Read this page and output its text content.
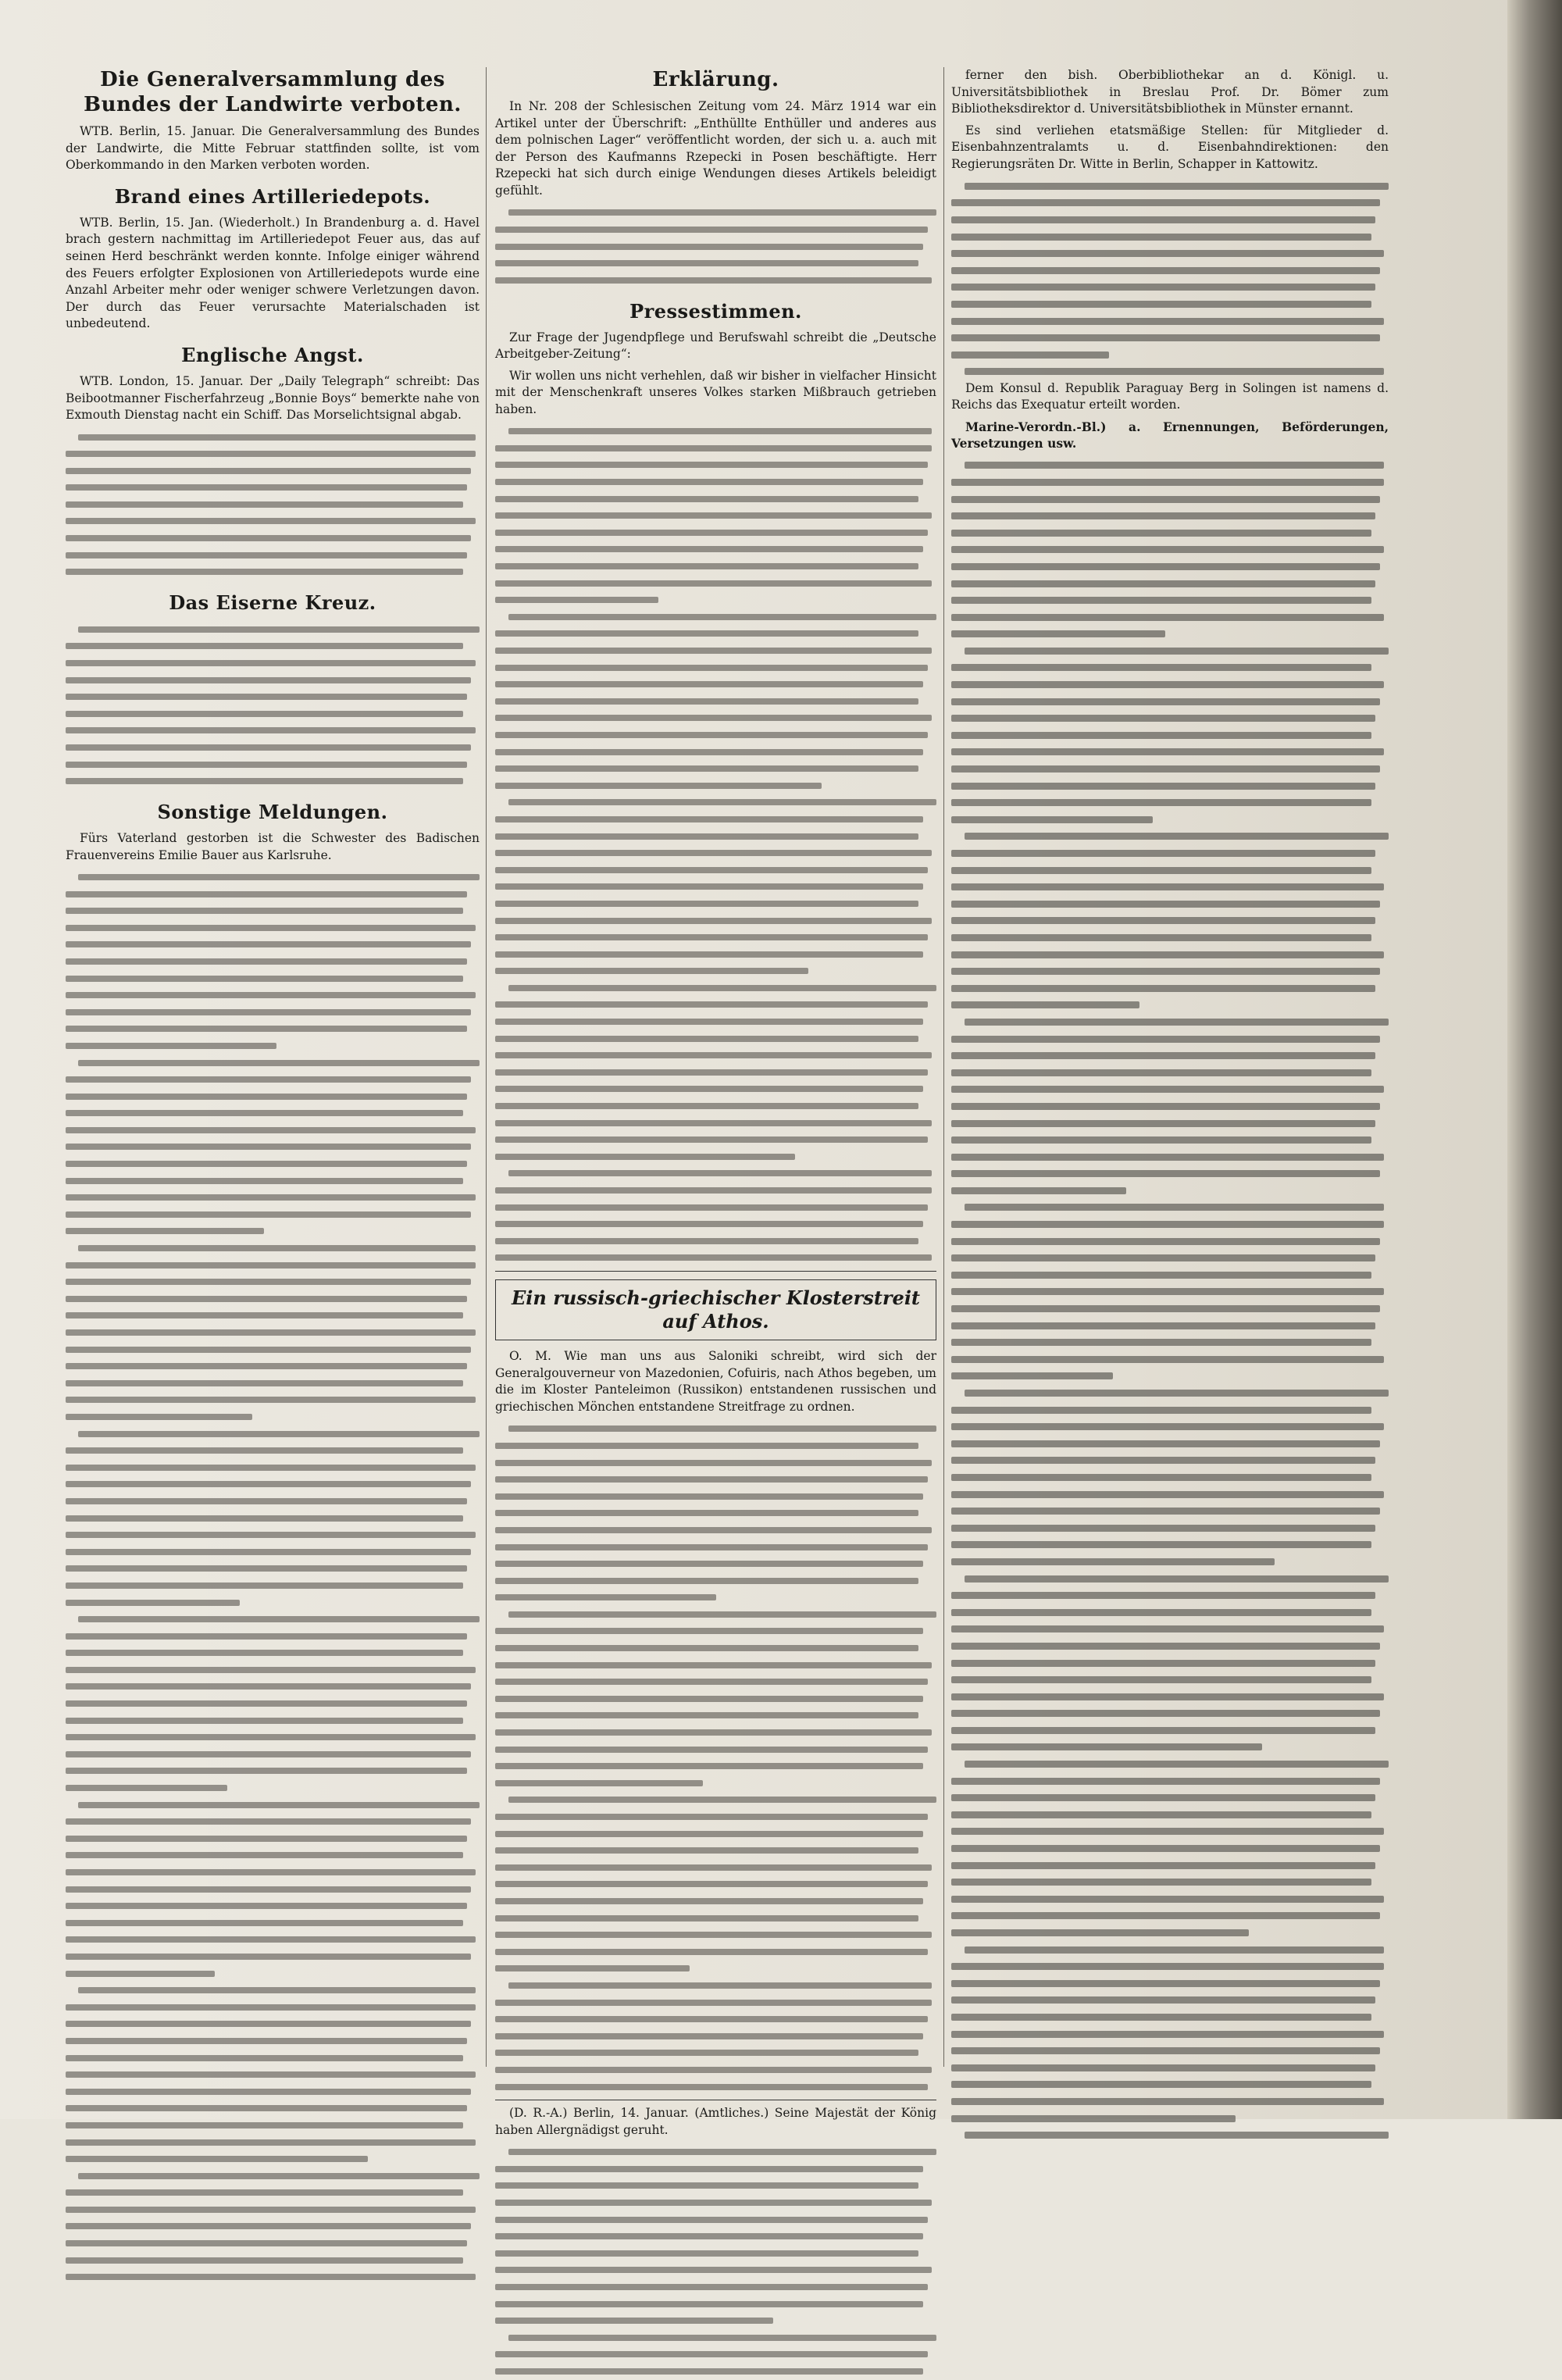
Die Generalversammlung des Bundes der Landwirte verboten.

WTB. Berlin, 15. Januar. Die Generalversammlung des Bundes der Landwirte, die Mitte Februar stattfinden sollte, ist vom Oberkommando in den Marken verboten worden.

Brand eines Artilleriedepots.

WTB. Berlin, 15. Jan. (Wiederholt.) In Brandenburg a. d. Havel brach gestern nachmittag im Artilleriedepot Feuer aus, das auf seinen Herd beschränkt werden konnte. Infolge einiger während des Feuers erfolgter Explosionen von Artilleriedepots wurde eine Anzahl Arbeiter mehr oder weniger schwere Verletzungen davon. Der durch das Feuer verursachte Materialschaden ist unbedeutend.

Englische Angst.

WTB. London, 15. Januar. Der „Daily Telegraph“ schreibt: Das Beibootmanner Fischerfahrzeug „Bonnie Boys“ bemerkte nahe von Exmouth Dienstag nacht ein Schiff. Das Morselichtsignal abgab.

Das Eiserne Kreuz.
Sonstige Meldungen.

Fürs Vaterland gestorben ist die Schwester des Badischen Frauenvereins Emilie Bauer aus Karlsruhe.

Erklärung.

In Nr. 208 der Schlesischen Zeitung vom 24. März 1914 war ein Artikel unter der Überschrift: „Enthüllte Enthüller und anderes aus dem polnischen Lager“ veröffentlicht worden, der sich u. a. auch mit der Person des Kaufmanns Rzepecki in Posen beschäftigte. Herr Rzepecki hat sich durch einige Wendungen dieses Artikels beleidigt gefühlt.

Pressestimmen.

Zur Frage der Jugendpflege und Berufswahl schreibt die „Deutsche Arbeitgeber-Zeitung“:

Wir wollen uns nicht verhehlen, daß wir bisher in vielfacher Hinsicht mit der Menschenkraft unseres Volkes starken Mißbrauch getrieben haben.

Ein russisch-griechischer Klosterstreit auf Athos.

O. M. Wie man uns aus Saloniki schreibt, wird sich der Generalgouverneur von Mazedonien, Cofuiris, nach Athos begeben, um die im Kloster Panteleimon (Russikon) entstandenen russischen und griechischen Mönchen entstandene Streitfrage zu ordnen.

(D. R.-A.) Berlin, 14. Januar. (Amtliches.) Seine Majestät der König haben Allergnädigst geruht.

ferner den bish. Oberbibliothekar an d. Königl. u. Universitätsbibliothek in Breslau Prof. Dr. Bömer zum Bibliotheksdirektor d. Universitätsbibliothek in Münster ernannt.

Es sind verliehen etatsmäßige Stellen: für Mitglieder d. Eisenbahnzentralamts u. d. Eisenbahndirektionen: den Regierungsräten Dr. Witte in Berlin, Schapper in Kattowitz.

Dem Konsul d. Republik Paraguay Berg in Solingen ist namens d. Reichs das Exequatur erteilt worden.

Marine-Verordn.-Bl.) a. Ernennungen, Beförderungen, Versetzungen usw.
